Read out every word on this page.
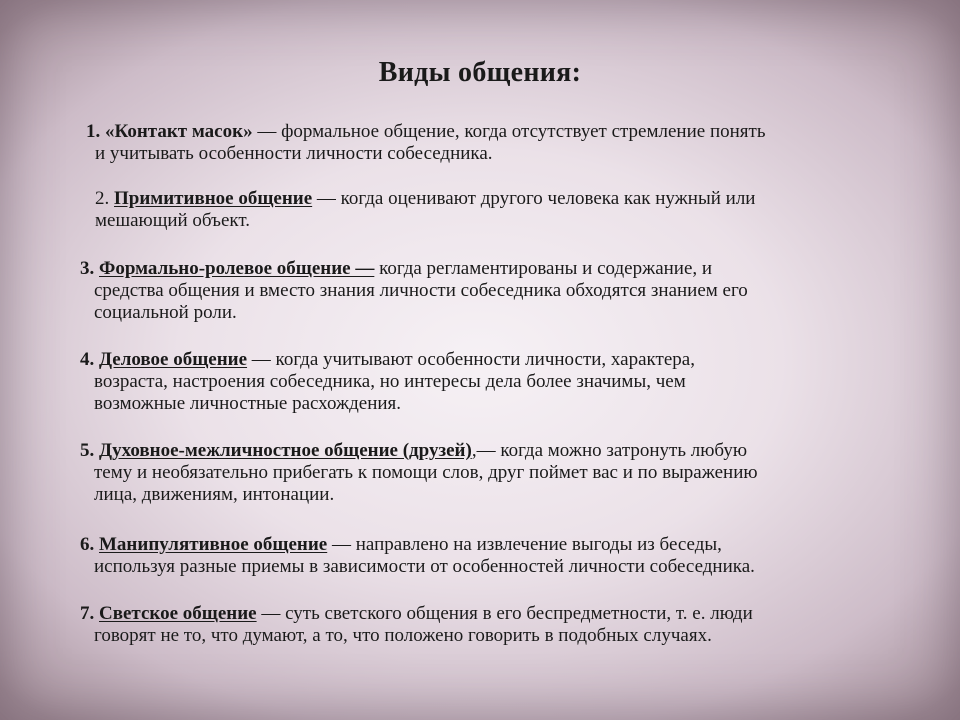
Виды общения:
1. «Контакт масок» — формальное общение, когда отсутствует стремление понять
и учитывать особенности личности собеседника.
2. Примитивное общение — когда оценивают другого человека как нужный или
мешающий объект.
3. Формально-ролевое общение — когда регламентированы и содержание, и
средства общения и вместо знания личности собеседника обходятся знанием его
социальной роли.
4. Деловое общение — когда учитывают особенности личности, характера,
возраста, настроения собеседника, но интересы дела более значимы, чем
возможные личностные расхождения.
5. Духовное-межличностное общение (друзей),— когда можно затронуть любую
тему и необязательно прибегать к помощи слов, друг поймет вас и по выражению
лица, движениям, интонации.
6. Манипулятивное общение — направлено на извлечение выгоды из беседы,
используя разные приемы в зависимости от особенностей личности собеседника.
7. Светское общение — суть светского общения в его беспредметности, т. е. люди
говорят не то, что думают, а то, что положено говорить в подобных случаях.
